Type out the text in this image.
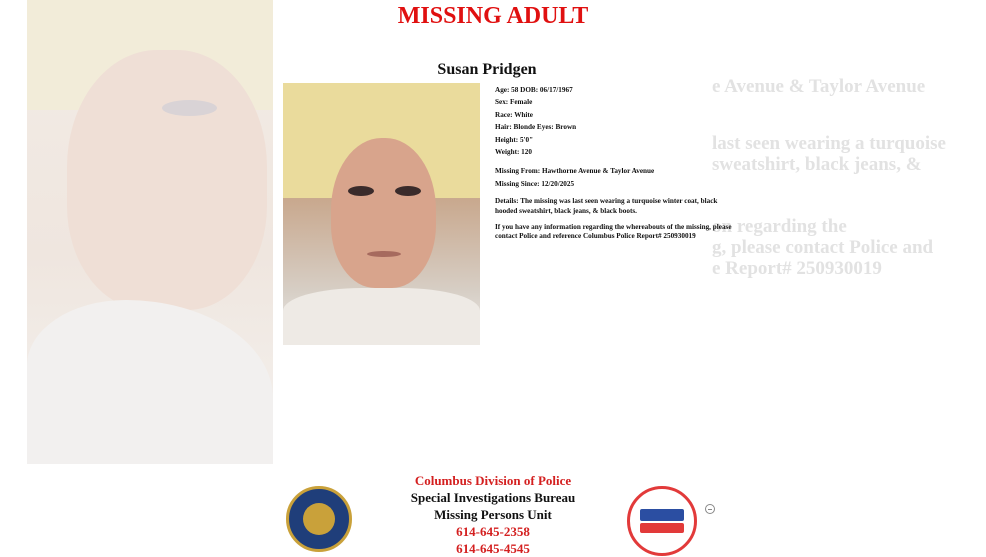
e Avenue & Taylor Avenue
last seen wearing a turquoise
sweatshirt, black jeans, &
on regarding the
g, please contact Police and
e Report# 250930019
MISSING ADULT
Susan Pridgen
Age: 58 DOB: 06/17/1967
Sex: Female
Race: White
Hair: Blonde Eyes: Brown
Height: 5'0"
Weight: 120
Missing From: Hawthorne Avenue & Taylor Avenue
Missing Since: 12/20/2025
Details: The missing was last seen wearing a turquoise winter coat, black hooded sweatshirt, black jeans, & black boots.
If you have any information regarding the whereabouts of the missing, please contact Police and reference Columbus Police Report# 250930019
Columbus Division of Police
Special Investigations Bureau
Missing Persons Unit
614-645-2358
614-645-4545
